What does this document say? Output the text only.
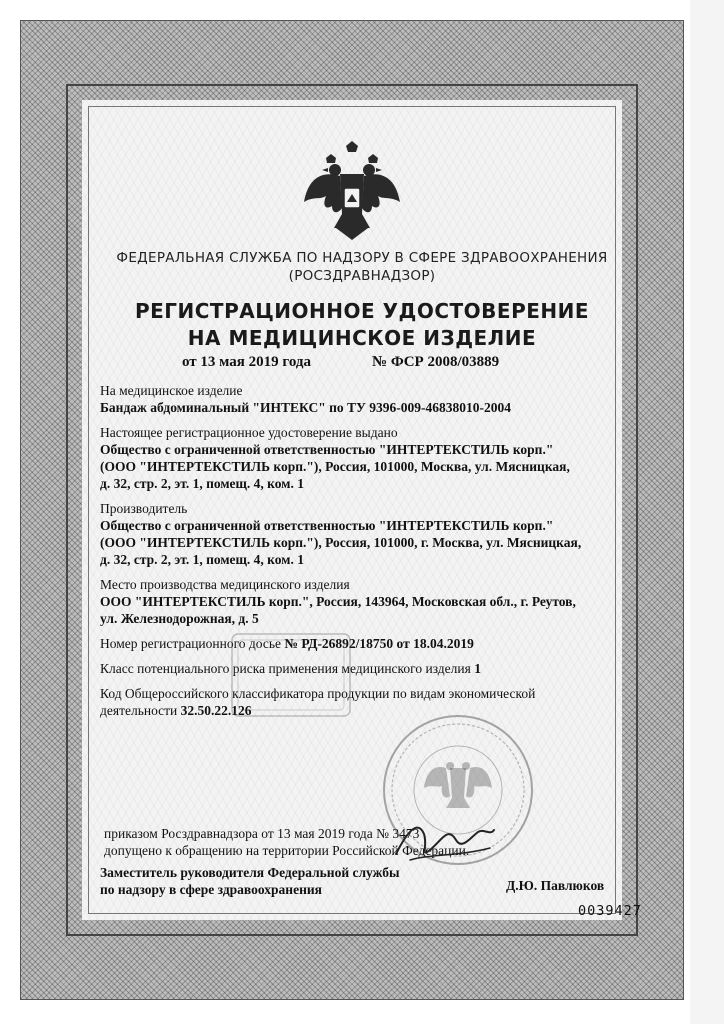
ФЕДЕРАЛЬНАЯ СЛУЖБА ПО НАДЗОРУ В СФЕРЕ ЗДРАВООХРАНЕНИЯ
(РОСЗДРАВНАДЗОР)
РЕГИСТРАЦИОННОЕ УДОСТОВЕРЕНИЕ
НА МЕДИЦИНСКОЕ ИЗДЕЛИЕ
от 13 мая 2019 года	№ ФСР 2008/03889
На медицинское изделие
Бандаж абдоминальный "ИНТЕКС" по ТУ 9396-009-46838010-2004
Настоящее регистрационное удостоверение выдано
Общество с ограниченной ответственностью "ИНТЕРТЕКСТИЛЬ корп."
(ООО "ИНТЕРТЕКСТИЛЬ корп."), Россия, 101000, Москва, ул. Мясницкая,
д. 32, стр. 2, эт. 1, помещ. 4, ком. 1
Производитель
Общество с ограниченной ответственностью "ИНТЕРТЕКСТИЛЬ корп."
(ООО "ИНТЕРТЕКСТИЛЬ корп."), Россия, 101000, г. Москва, ул. Мясницкая,
д. 32, стр. 2, эт. 1, помещ. 4, ком. 1
Место производства медицинского изделия
ООО "ИНТЕРТЕКСТИЛЬ корп.", Россия, 143964, Московская обл., г. Реутов,
ул. Железнодорожная, д. 5
Номер регистрационного досье № РД-26892/18750 от 18.04.2019
Класс потенциального риска применения медицинского изделия 1
Код Общероссийского классификатора продукции по видам экономической
деятельности 32.50.22.126
приказом Росздравнадзора от 13 мая 2019 года № 3473
допущено к обращению на территории Российской Федерации.
Заместитель руководителя Федеральной службы
по надзору в сфере здравоохранения	Д.Ю. Павлюков
0039427
